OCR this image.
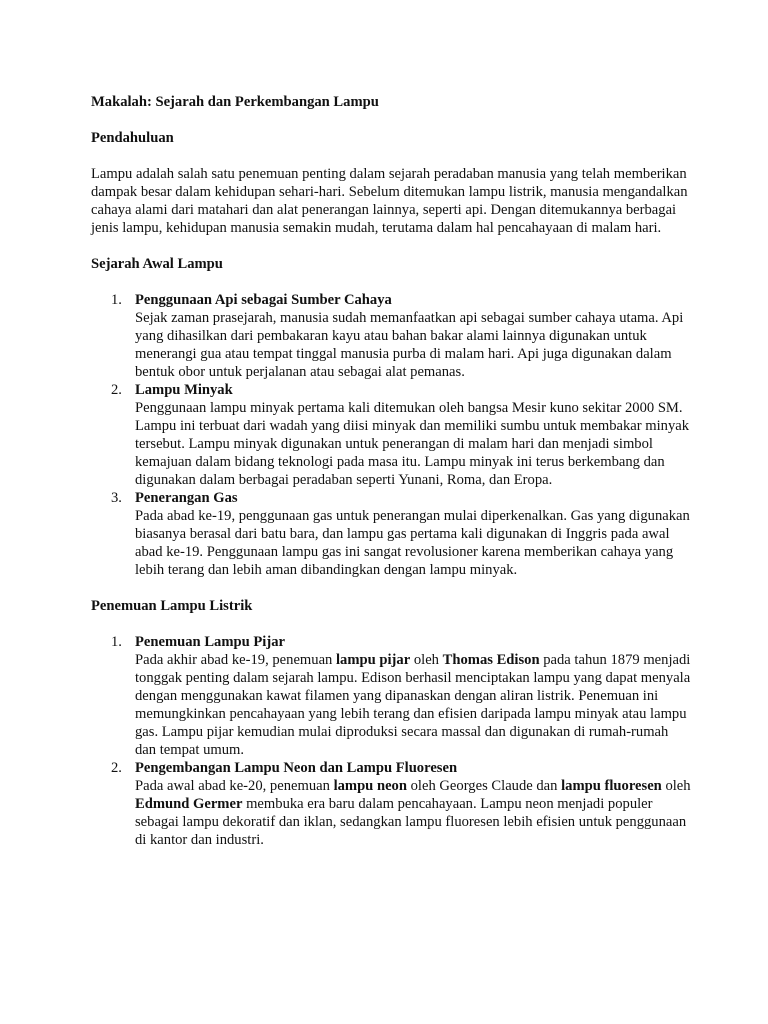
Makalah: Sejarah dan Perkembangan Lampu

Pendahuluan

Lampu adalah salah satu penemuan penting dalam sejarah peradaban manusia yang telah memberikan dampak besar dalam kehidupan sehari-hari. Sebelum ditemukan lampu listrik, manusia mengandalkan cahaya alami dari matahari dan alat penerangan lainnya, seperti api. Dengan ditemukannya berbagai jenis lampu, kehidupan manusia semakin mudah, terutama dalam hal pencahayaan di malam hari.

Sejarah Awal Lampu

1. Penggunaan Api sebagai Sumber Cahaya
Sejak zaman prasejarah, manusia sudah memanfaatkan api sebagai sumber cahaya utama. Api yang dihasilkan dari pembakaran kayu atau bahan bakar alami lainnya digunakan untuk menerangi gua atau tempat tinggal manusia purba di malam hari. Api juga digunakan dalam bentuk obor untuk perjalanan atau sebagai alat pemanas.
2. Lampu Minyak
Penggunaan lampu minyak pertama kali ditemukan oleh bangsa Mesir kuno sekitar 2000 SM. Lampu ini terbuat dari wadah yang diisi minyak dan memiliki sumbu untuk membakar minyak tersebut. Lampu minyak digunakan untuk penerangan di malam hari dan menjadi simbol kemajuan dalam bidang teknologi pada masa itu. Lampu minyak ini terus berkembang dan digunakan dalam berbagai peradaban seperti Yunani, Roma, dan Eropa.
3. Penerangan Gas
Pada abad ke-19, penggunaan gas untuk penerangan mulai diperkenalkan. Gas yang digunakan biasanya berasal dari batu bara, dan lampu gas pertama kali digunakan di Inggris pada awal abad ke-19. Penggunaan lampu gas ini sangat revolusioner karena memberikan cahaya yang lebih terang dan lebih aman dibandingkan dengan lampu minyak.

Penemuan Lampu Listrik

1. Penemuan Lampu Pijar
Pada akhir abad ke-19, penemuan lampu pijar oleh Thomas Edison pada tahun 1879 menjadi tonggak penting dalam sejarah lampu. Edison berhasil menciptakan lampu yang dapat menyala dengan menggunakan kawat filamen yang dipanaskan dengan aliran listrik. Penemuan ini memungkinkan pencahayaan yang lebih terang dan efisien daripada lampu minyak atau lampu gas. Lampu pijar kemudian mulai diproduksi secara massal dan digunakan di rumah-rumah dan tempat umum.
2. Pengembangan Lampu Neon dan Lampu Fluoresen
Pada awal abad ke-20, penemuan lampu neon oleh Georges Claude dan lampu fluoresen oleh Edmund Germer membuka era baru dalam pencahayaan. Lampu neon menjadi populer sebagai lampu dekoratif dan iklan, sedangkan lampu fluoresen lebih efisien untuk penggunaan di kantor dan industri.
